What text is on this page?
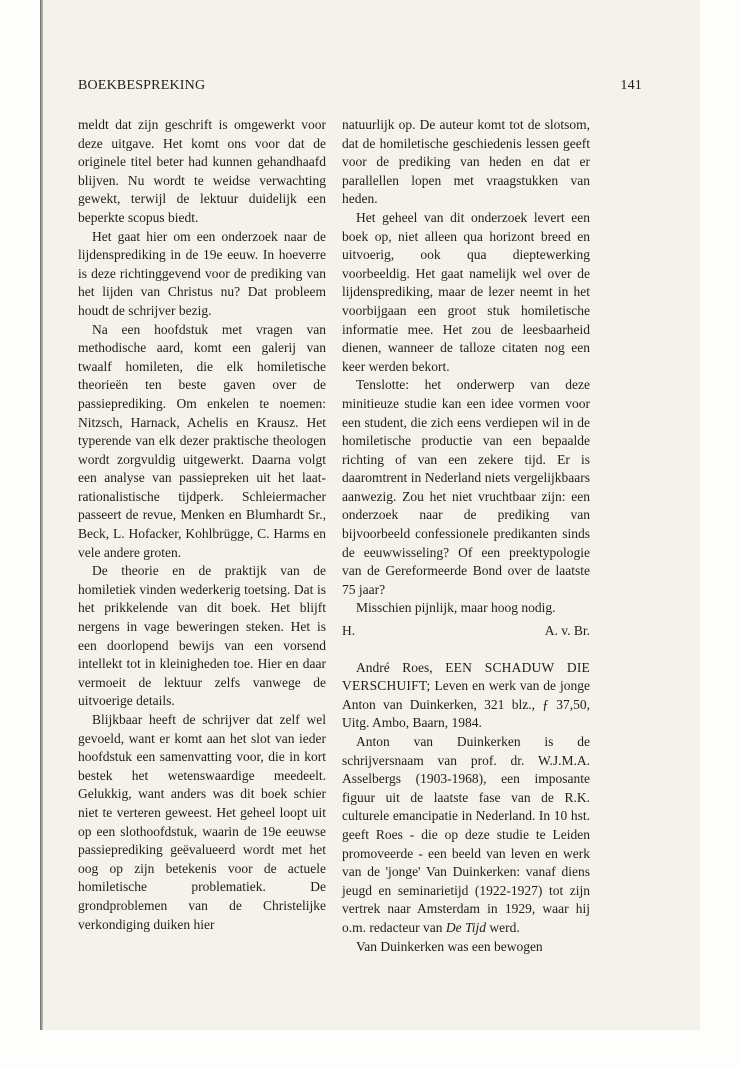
BOEKBESPREKING	141

meldt dat zijn geschrift is omgewerkt voor deze uitgave. Het komt ons voor dat de originele titel beter had kunnen gehandhaafd blijven. Nu wordt te weidse verwachting gewekt, terwijl de lektuur duidelijk een beperkte scopus biedt.

Het gaat hier om een onderzoek naar de lijdensprediking in de 19e eeuw. In hoeverre is deze richtinggevend voor de prediking van het lijden van Christus nu? Dat probleem houdt de schrijver bezig.

Na een hoofdstuk met vragen van methodische aard, komt een galerij van twaalf homileten, die elk homiletische theorieën ten beste gaven over de passieprediking. Om enkelen te noemen: Nitzsch, Harnack, Achelis en Krausz. Het typerende van elk dezer praktische theologen wordt zorgvuldig uitgewerkt. Daarna volgt een analyse van passiepreken uit het laat-rationalistische tijdperk. Schleiermacher passeert de revue, Menken en Blumhardt Sr., Beck, L. Hofacker, Kohlbrügge, C. Harms en vele andere groten.

De theorie en de praktijk van de homiletiek vinden wederkerig toetsing. Dat is het prikkelende van dit boek. Het blijft nergens in vage beweringen steken. Het is een doorlopend bewijs van een vorsend intellekt tot in kleinigheden toe. Hier en daar vermoeit de lektuur zelfs vanwege de uitvoerige details.

Blijkbaar heeft de schrijver dat zelf wel gevoeld, want er komt aan het slot van ieder hoofdstuk een samenvatting voor, die in kort bestek het wetenswaardige meedeelt. Gelukkig, want anders was dit boek schier niet te verteren geweest. Het geheel loopt uit op een slothoofdstuk, waarin de 19e eeuwse passieprediking geëvalueerd wordt met het oog op zijn betekenis voor de actuele homiletische problematiek. De grondproblemen van de Christelijke verkondiging duiken hier

natuurlijk op. De auteur komt tot de slotsom, dat de homiletische geschiedenis lessen geeft voor de prediking van heden en dat er parallellen lopen met vraagstukken van heden.

Het geheel van dit onderzoek levert een boek op, niet alleen qua horizont breed en uitvoerig, ook qua dieptewerking voorbeeldig. Het gaat namelijk wel over de lijdensprediking, maar de lezer neemt in het voorbijgaan een groot stuk homiletische informatie mee. Het zou de leesbaarheid dienen, wanneer de talloze citaten nog een keer werden bekort.

Tenslotte: het onderwerp van deze minitieuze studie kan een idee vormen voor een student, die zich eens verdiepen wil in de homiletische productie van een bepaalde richting of van een zekere tijd. Er is daaromtrent in Nederland niets vergelijkbaars aanwezig. Zou het niet vruchtbaar zijn: een onderzoek naar de prediking van bijvoorbeeld confessionele predikanten sinds de eeuwwisseling? Of een preektypologie van de Gereformeerde Bond over de laatste 75 jaar?

Misschien pijnlijk, maar hoog nodig.

H.	A. v. Br.

André Roes, EEN SCHADUW DIE VERSCHUIFT; Leven en werk van de jonge Anton van Duinkerken, 321 blz., ƒ 37,50, Uitg. Ambo, Baarn, 1984.

Anton van Duinkerken is de schrijversnaam van prof. dr. W.J.M.A. Asselbergs (1903-1968), een imposante figuur uit de laatste fase van de R.K. culturele emancipatie in Nederland. In 10 hst. geeft Roes - die op deze studie te Leiden promoveerde - een beeld van leven en werk van de 'jonge' Van Duinkerken: vanaf diens jeugd en seminarietijd (1922-1927) tot zijn vertrek naar Amsterdam in 1929, waar hij o.m. redacteur van De Tijd werd.

Van Duinkerken was een bewogen
